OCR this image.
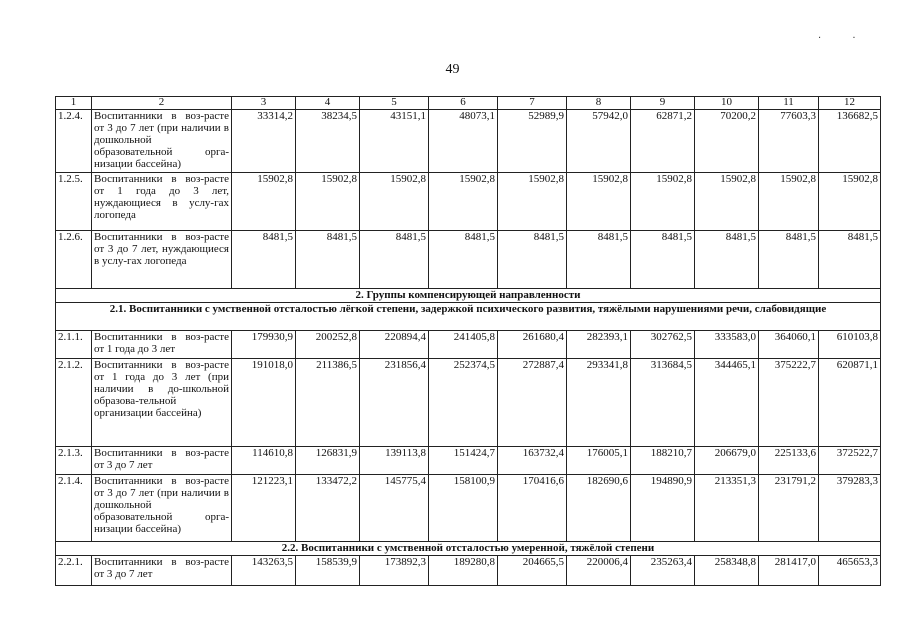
49
. .
1	2	3	4	5	6	7	8	9	10	11	12
1.2.4.	Воспитанники в воз-расте от 3 до 7 лет (при наличии в дошкольной образовательной орга-низации бассейна)	33314,2	38234,5	43151,1	48073,1	52989,9	57942,0	62871,2	70200,2	77603,3	136682,5
1.2.5.	Воспитанники в воз-расте от 1 года до 3 лет, нуждающиеся в услу-гах логопеда	15902,8	15902,8	15902,8	15902,8	15902,8	15902,8	15902,8	15902,8	15902,8	15902,8
1.2.6.	Воспитанники в воз-расте от 3 до 7 лет, нуждающиеся в услу-гах логопеда	8481,5	8481,5	8481,5	8481,5	8481,5	8481,5	8481,5	8481,5	8481,5	8481,5
2. Группы компенсирующей направленности											
2.1. Воспитанники с умственной отсталостью лёгкой степени, задержкой психического развития, тяжёлыми нарушениями речи, слабовидящие											
2.1.1.	Воспитанники в воз-расте от 1 года до 3 лет	179930,9	200252,8	220894,4	241405,8	261680,4	282393,1	302762,5	333583,0	364060,1	610103,8
2.1.2.	Воспитанники в воз-расте от 1 года до 3 лет (при наличии в до-школьной образова-тельной организации бассейна)	191018,0	211386,5	231856,4	252374,5	272887,4	293341,8	313684,5	344465,1	375222,7	620871,1
2.1.3.	Воспитанники в воз-расте от 3 до 7 лет	114610,8	126831,9	139113,8	151424,7	163732,4	176005,1	188210,7	206679,0	225133,6	372522,7
2.1.4.	Воспитанники в воз-расте от 3 до 7 лет (при наличии в дошкольной образовательной орга-низации бассейна)	121223,1	133472,2	145775,4	158100,9	170416,6	182690,6	194890,9	213351,3	231791,2	379283,3
2.2. Воспитанники с умственной отсталостью умеренной, тяжёлой степени											
2.2.1.	Воспитанники в воз-расте от 3 до 7 лет	143263,5	158539,9	173892,3	189280,8	204665,5	220006,4	235263,4	258348,8	281417,0	465653,3
